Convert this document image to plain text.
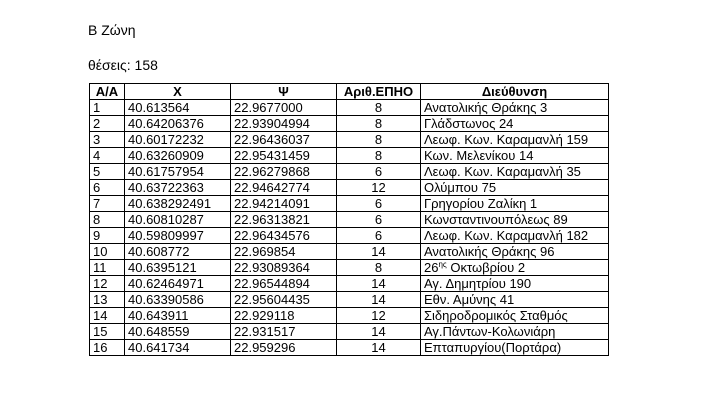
Β Ζώνη
θέσεις: 158
Α/Α	Χ	Ψ	Αριθ.ΕΠΗΟ	Διεύθυνση
1	40.613564	22.9677000	8	Ανατολικής Θράκης 3
2	40.64206376	22.93904994	8	Γλάδστωνος 24
3	40.60172232	22.96436037	8	Λεωφ. Κων. Καραμανλή 159
4	40.63260909	22.95431459	8	Κων. Μελενίκου 14
5	40.61757954	22.96279868	6	Λεωφ. Κων. Καραμανλή 35
6	40.63722363	22.94642774	12	Ολύμπου 75
7	40.638292491	22.94214091	6	Γρηγορίου Ζαλίκη 1
8	40.60810287	22.96313821	6	Κωνσταντινουπόλεως 89
9	40.59809997	22.96434576	6	Λεωφ. Κων. Καραμανλή 182
10	40.608772	22.969854	14	Ανατολικής Θράκης 96
11	40.6395121	22.93089364	8	$26^{\eta\varsigma}$ Οκτωβρίου 2
12	40.62464971	22.96544894	14	Αγ. Δημητρίου 190
13	40.63390586	22.95604435	14	Εθν. Αμύνης 41
14	40.643911	22.929118	12	Σιδηροδρομικός Σταθμός
15	40.648559	22.931517	14	Αγ.Πάντων-Κολωνιάρη
16	40.641734	22.959296	14	Επταπυργίου(Πορτάρα)
